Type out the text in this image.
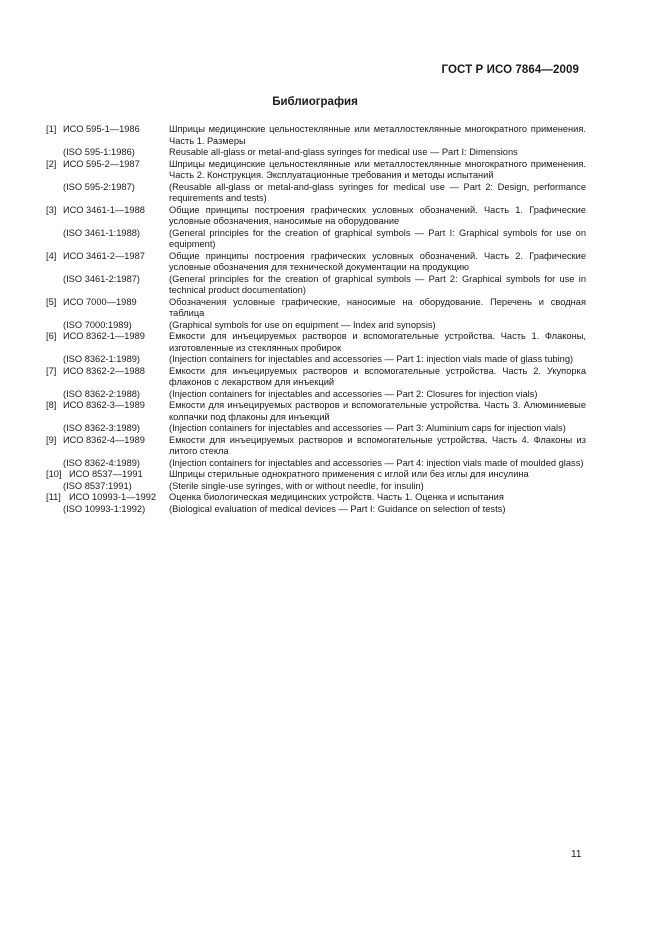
ГОСТ Р ИСО 7864—2009
Библиография
[1] ИСО 595-1—1986	Шприцы медицинские цельностеклянные или металлостеклянные многократного применения. Часть 1. Размеры
(ISO 595-1:1986)	Reusable all-glass or metal-and-glass syringes for medical use — Part I: Dimensions
[2] ИСО 595-2—1987	Шприцы медицинские цельностеклянные или металлостеклянные многократного применения. Часть 2. Конструкция. Эксплуатационные требования и методы испытаний
(ISO 595-2:1987)	(Reusable all-glass or metal-and-glass syringes for medical use — Part 2: Design, performance requirements and tests)
[3] ИСО 3461-1—1988	Общие принципы построения графических условных обозначений. Часть 1. Графические условные обозначения, наносимые на оборудование
(ISO 3461-1:1988)	(General principles for the creation of graphical symbols — Part I: Graphical symbols for use on equipment)
[4] ИСО 3461-2—1987	Общие принципы построения графических условных обозначений. Часть 2. Графические условные обозначения для технической документации на продукцию
(ISO 3461-2:1987)	(General principles for the creation of graphical symbols — Part 2: Graphical symbols for use in technical product documentation)
[5] ИСО 7000—1989	Обозначения условные графические, наносимые на оборудование. Перечень и сводная таблица
(ISO 7000:1989)	(Graphical symbols for use on equipment — Index and synopsis)
[6] ИСО 8362-1—1989	Емкости для инъецируемых растворов и вспомогательные устройства. Часть 1. Флаконы, изготовленные из стеклянных пробирок
(ISO 8362-1:1989)	(Injection containers for injectables and accessories — Part 1: injection vials made of glass tubing)
[7] ИСО 8362-2—1988	Емкости для инъецируемых растворов и вспомогательные устройства. Часть 2. Укупорка флаконов с лекарством для инъекций
(ISO 8362-2:1988)	(Injection containers for injectables and accessories — Part 2: Closures for injection vials)
[8] ИСО 8362-3—1989	Емкости для инъецируемых растворов и вспомогательные устройства. Часть 3. Алюминиевые колпачки под флаконы для инъекций
(ISO 8362-3:1989)	(Injection containers for injectables and accessories — Part 3: Aluminium caps for injection vials)
[9] ИСО 8362-4—1989	Емкости для инъецируемых растворов и вспомогательные устройства. Часть 4. Флаконы из литого стекла
(ISO 8362-4:1989)	(Injection containers for injectables and accessories — Part 4: injection vials made of moulded glass)
[10] ИСО 8537—1991	Шприцы стерильные однократного применения с иглой или без иглы для инсулина
(ISO 8537:1991)	(Sterile single-use syringes, with or without needle, for insulin)
[11] ИСО 10993-1—1992	Оценка биологическая медицинских устройств. Часть 1. Оценка и испытания
(ISO 10993-1:1992)	(Biological evaluation of medical devices — Part I: Guidance on selection of tests)
11
